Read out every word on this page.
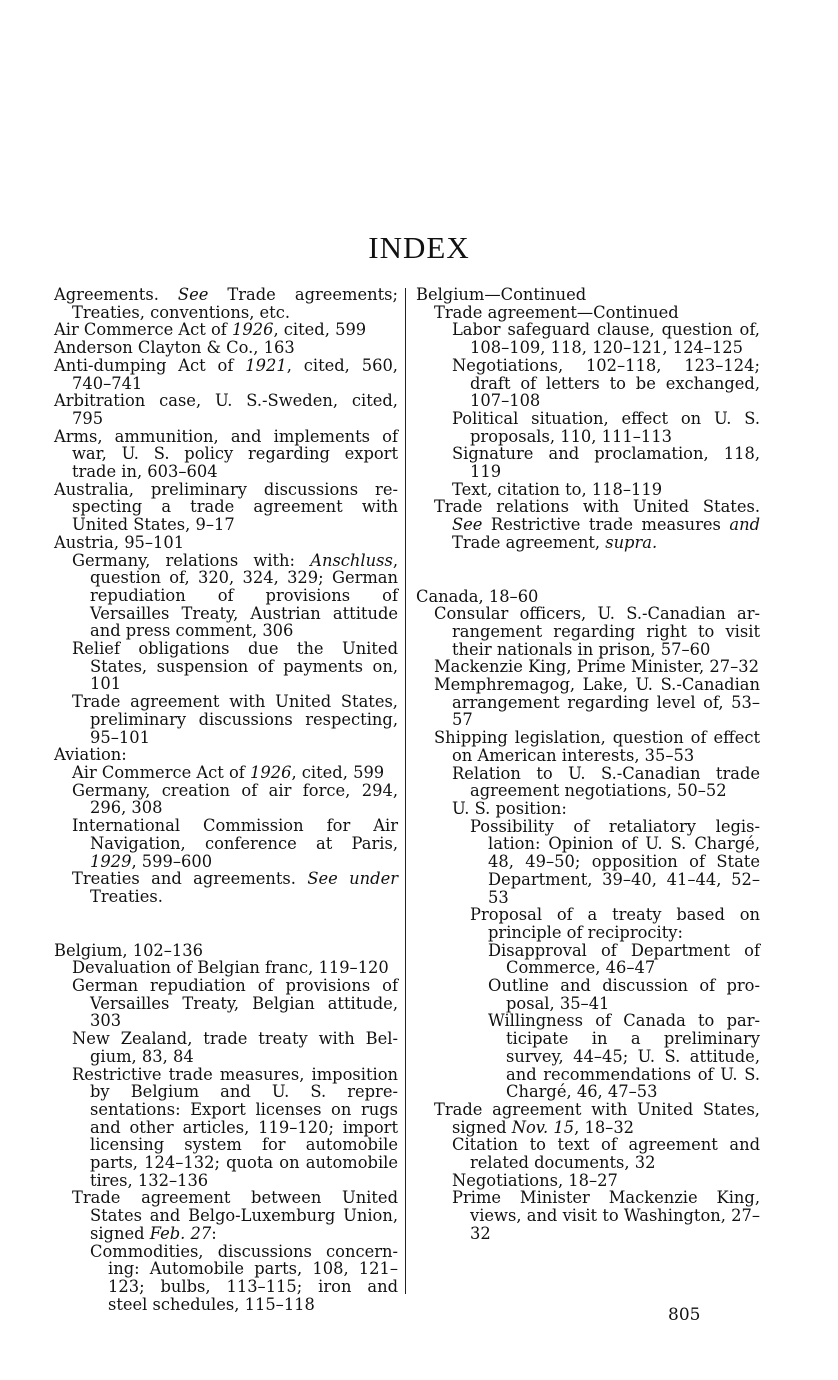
INDEX
Agreements. See Trade agreements; Treaties, conventions, etc.
Air Commerce Act of 1926, cited, 599
Anderson Clayton & Co., 163
Anti-dumping Act of 1921, cited, 560, 740–741
Arbitration case, U. S.-Sweden, cited, 795
Arms, ammunition, and implements of war, U. S. policy regarding export trade in, 603–604
Australia, preliminary discussions respecting a trade agreement with United States, 9–17
Austria, 95–101
Germany, relations with: Anschluss, question of, 320, 324, 329; German repudiation of provisions of Versailles Treaty, Austrian attitude and press comment, 306
Relief obligations due the United States, suspension of payments on, 101
Trade agreement with United States, preliminary discussions respecting, 95–101
Aviation:
Air Commerce Act of 1926, cited, 599
Germany, creation of air force, 294, 296, 308
International Commission for Air Navigation, conference at Paris, 1929, 599–600
Treaties and agreements. See under Treaties.
Belgium, 102–136
Devaluation of Belgian franc, 119–120
German repudiation of provisions of Versailles Treaty, Belgian attitude, 303
New Zealand, trade treaty with Belgium, 83, 84
Restrictive trade measures, imposition by Belgium and U. S. representations: Export licenses on rugs and other articles, 119–120; import licensing system for automobile parts, 124–132; quota on automobile tires, 132–136
Trade agreement between United States and Belgo-Luxemburg Union, signed Feb. 27:
Commodities, discussions concerning: Automobile parts, 108, 121–123; bulbs, 113–115; iron and steel schedules, 115–118
Belgium—Continued
Trade agreement—Continued
Labor safeguard clause, question of, 108–109, 118, 120–121, 124–125
Negotiations, 102–118, 123–124; draft of letters to be exchanged, 107–108
Political situation, effect on U. S. proposals, 110, 111–113
Signature and proclamation, 118, 119
Text, citation to, 118–119
Trade relations with United States. See Restrictive trade measures and Trade agreement, supra.
Canada, 18–60
Consular officers, U. S.-Canadian arrangement regarding right to visit their nationals in prison, 57–60
Mackenzie King, Prime Minister, 27–32
Memphremagog, Lake, U. S.-Canadian arrangement regarding level of, 53–57
Shipping legislation, question of effect on American interests, 35–53
Relation to U. S.-Canadian trade agreement negotiations, 50–52
U. S. position:
Possibility of retaliatory legislation: Opinion of U. S. Chargé, 48, 49–50; opposition of State Department, 39–40, 41–44, 52–53
Proposal of a treaty based on principle of reciprocity:
Disapproval of Department of Commerce, 46–47
Outline and discussion of proposal, 35–41
Willingness of Canada to participate in a preliminary survey, 44–45; U. S. attitude, and recommendations of U. S. Chargé, 46, 47–53
Trade agreement with United States, signed Nov. 15, 18–32
Citation to text of agreement and related documents, 32
Negotiations, 18–27
Prime Minister Mackenzie King, views, and visit to Washington, 27–32
805
